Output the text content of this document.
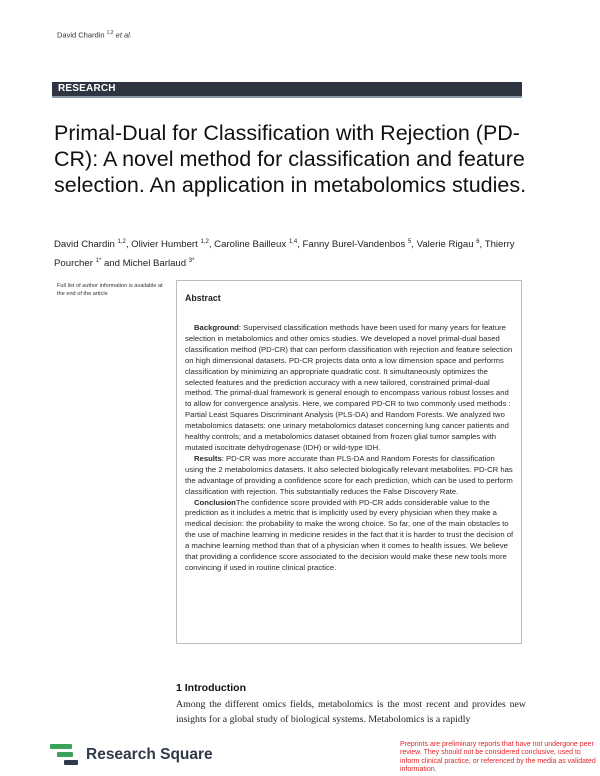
David Chardin $^{1,2}$ et al.
RESEARCH
Primal-Dual for Classification with Rejection (PD-CR): A novel method for classification and feature selection. An application in metabolomics studies.
David Chardin $^{1,2}$, Olivier Humbert $^{1,2}$, Caroline Bailleux $^{1,4}$, Fanny Burel-Vandenbos $^5$, Valerie Rigau $^6$, Thierry Pourcher $^{1*}$ and Michel Barlaud $^{3*}$
Full list of author information is available at the end of the article	Abstract

Background: Supervised classification methods have been used for many years for feature selection in metabolomics and other omics studies. We developed a novel primal-dual based classification method (PD-CR) that can perform classification with rejection and feature selection on high dimensional datasets. PD-CR projects data onto a low dimension space and performs classification by minimizing an appropriate quadratic cost. It simultaneously optimizes the selected features and the prediction accuracy with a new tailored, constrained primal-dual method. The primal-dual framework is general enough to encompass various robust losses and to allow for convergence analysis. Here, we compared PD-CR to two commonly used methods : Partial Least Squares Discriminant Analysis (PLS-DA) and Random Forests. We analyzed two metabolomics datasets: one urinary metabolomics dataset concerning lung cancer patients and healthy controls; and a metabolomics dataset obtained from frozen glial tumor samples with mutated isocitrate dehydrogenase (IDH) or wild-type IDH.

Results: PD-CR was more accurate than PLS-DA and Random Forests for classification using the 2 metabolomics datasets. It also selected biologically relevant metabolites. PD-CR has the advantage of providing a confidence score for each prediction, which can be used to perform classification with rejection. This substantially reduces the False Discovery Rate.

ConclusionThe confidence score provided with PD-CR adds considerable value to the prediction as it includes a metric that is implicitly used by every physician when they make a medical decision: the probability to make the wrong choice. So far, one of the main obstacles to the use of machine learning in medicine resides in the fact that it is harder to trust the decision of a machine learning method than that of a physician when it comes to health issues. We believe that providing a confidence score associated to the decision would make these new tools more convincing if used in routine clinical practice.

1 Introduction
Among the different omics fields, metabolomics is the most recent and provides new insights for a global study of biological systems. Metabolomics is a rapidly
Research Square
Preprints are preliminary reports that have not undergone peer review. They should not be considered conclusive, used to inform clinical practice, or referenced by the media as validated information.
